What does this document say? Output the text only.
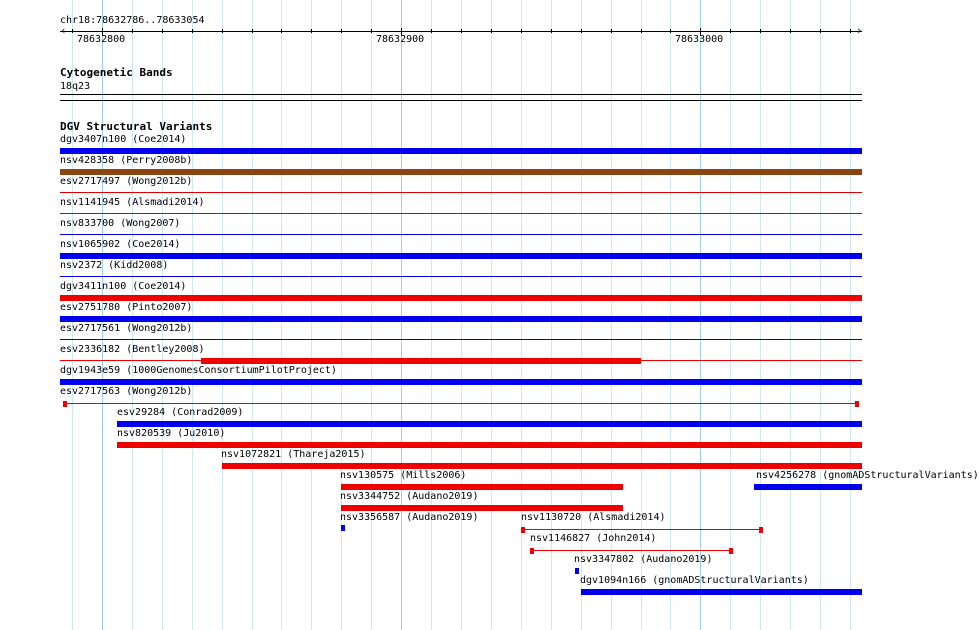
chr18:78632786..78633054
‹	›
78632800	78632900	78633000
Cytogenetic Bands
18q23
DGV Structural Variants
dgv3407n100 (Coe2014)
nsv428358 (Perry2008b)
esv2717497 (Wong2012b)
nsv1141945 (Alsmadi2014)
nsv833700 (Wong2007)
nsv1065902 (Coe2014)
nsv2372 (Kidd2008)
dgv3411n100 (Coe2014)
esv2751780 (Pinto2007)
esv2717561 (Wong2012b)
esv2336182 (Bentley2008)
dgv1943e59 (1000GenomesConsortiumPilotProject)
esv2717563 (Wong2012b)
esv29284 (Conrad2009)
nsv820539 (Ju2010)
nsv1072821 (Thareja2015)
nsv130575 (Mills2006)	nsv4256278 (gnomADStructuralVariants)
nsv3344752 (Audano2019)
nsv3356587 (Audano2019)	nsv1130720 (Alsmadi2014)
nsv1146827 (John2014)
nsv3347802 (Audano2019)
dgv1094n166 (gnomADStructuralVariants)
